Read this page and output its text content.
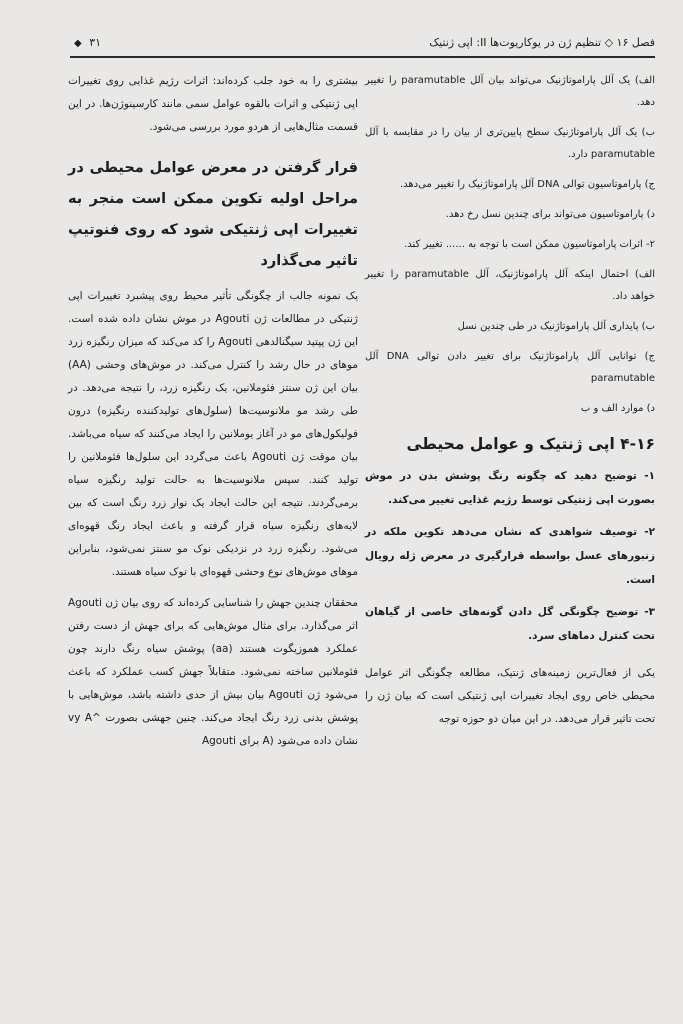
فصل ۱۶ ◇ تنظیم ژن در یوکاریوت‌ها II: اپی ژنتیک
۳۱ ◆

الف) یک آلل پارامو‌تاژنیک می‌تواند بیان آلل paramutable را تغییر دهد.

ب) یک آلل پارامو‌تاژنیک سطح پایین‌تری از بیان را در مقایسه با آلل paramutable دارد.

ج) پارامو‌تاسیون توالی DNA آلل پارامو‌تاژنیک را تغییر می‌دهد.

د) پارامو‌تاسیون می‌تواند برای چندین نسل رخ دهد.

۲- اثرات پارامو‌تاسیون ممکن است با توجه به ...... تغییر کند.

الف) احتمال اینکه آلل پارامو‌تاژنیک، آلل paramutable را تغییر خواهد داد.

ب) پایداری آلل پارامو‌تاژنیک در طی چندین نسل

ج) توانایی آلل پارامو‌تاژنیک برای تغییر دادن توالی DNA آلل paramutable

د) موارد الف و ب

۴-۱۶ اپی ژنتیک و عوامل محیطی

۱- توضیح دهید که چگونه رنگ پوشش بدن در موش بصورت اپی ژنتیکی توسط رژیم غذایی تغییر می‌کند.

۲- توصیف شواهدی که نشان می‌دهد تکوین ملکه در زنبورهای عسل بواسطه قرارگیری در معرض ژله رویال است.

۳- توضیح چگونگی گل دادن گونه‌های خاصی از گیاهان تحت کنترل دماهای سرد.

یکی از فعال‌ترین زمینه‌های ژنتیک، مطالعه چگونگی اثر عوامل محیطی خاص روی ایجاد تغییرات اپی ژنتیکی است که بیان ژن را تحت تاثیر قرار می‌دهد. در این میان دو حوزه توجه

بیشتری را به خود جلب کرده‌اند: اثرات رژیم غذایی روی تغییرات اپی ژنتیکی و اثرات بالقوه عوامل سمی مانند کارسینوژن‌ها. در این قسمت مثال‌هایی از هردو مورد بررسی می‌شود.

قرار گرفتن در معرض عوامل محیطی در مراحل اولیه تکوین ممکن است منجر به تغییرات اپی ژنتیکی شود که روی فنوتیپ تاثیر می‌گذارد

یک نمونه جالب از چگونگی تأثیر محیط روی پیشبرد تغییرات اپی ژنتیکی در مطالعات ژن Agouti در موش نشان داده شده است. این ژن پپتید سیگنالدهی Agouti را کد می‌کند که میزان رنگیزه زرد موهای در حال رشد را کنترل می‌کند. در موش‌های وحشی (AA) بیان این ژن سنتز فئوملانین، یک رنگیزه زرد، را نتیجه می‌دهد. در طی رشد مو ملانوسیت‌ها (سلول‌های تولیدکننده رنگیزه) درون فولیکول‌های مو در آغاز یوملانین را ایجاد می‌کنند که سیاه می‌باشد. بیان موقت ژن Agouti باعث می‌گردد این سلول‌ها فئوملانین را تولید کنند. سپس ملانوسیت‌ها به حالت تولید رنگیزه سیاه برمی‌گردند. نتیجه این حالت ایجاد یک نوار زرد رنگ است که بین لایه‌های رنگیزه سیاه قرار گرفته و باعث ایجاد رنگ قهوه‌ای می‌شود. رنگیزه زرد در نزدیکی نوک مو سنتز نمی‌شود، بنابراین موهای موش‌های نوع وحشی قهوه‌ای با نوک سیاه هستند.

محققان چندین جهش را شناسایی کرده‌اند که روی بیان ژن Agouti اثر می‌گذارد. برای مثال موش‌هایی که برای جهش از دست رفتن عملکرد هموزیگوت هستند (aa) پوشش سیاه رنگ دارند چون فئوملانین ساخته نمی‌شود. متقابلاً جهش کسب عملکرد که باعث می‌شود ژن Agouti بیان بیش از حدی داشته باشد، موش‌هایی با پوشش بدنی زرد رنگ ایجاد می‌کند. چنین جهشی بصورت ^vy A نشان داده می‌شود (A برای Agouti
